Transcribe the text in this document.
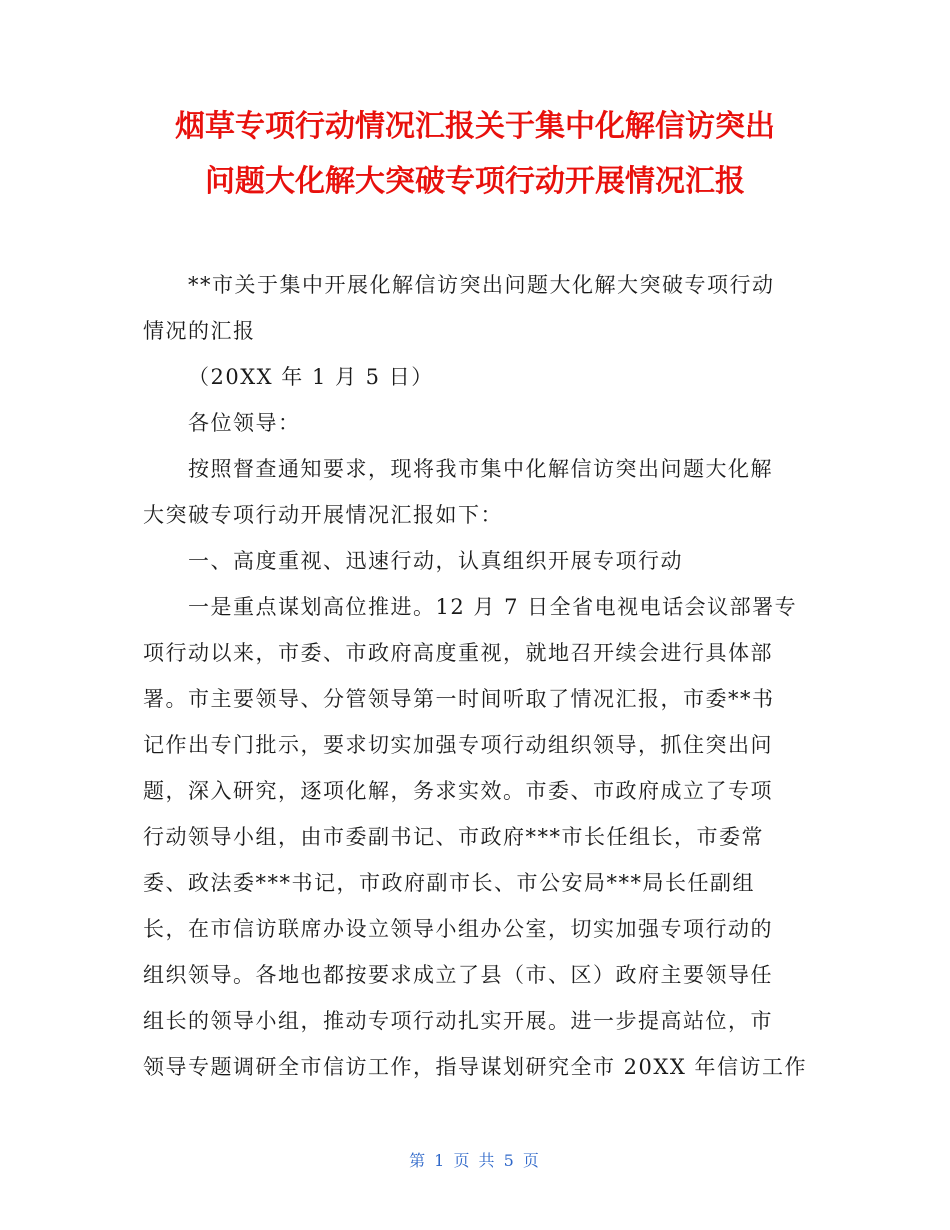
烟草专项行动情况汇报关于集中化解信访突出
问题大化解大突破专项行动开展情况汇报
**市关于集中开展化解信访突出问题大化解大突破专项行动
情况的汇报
（20XX 年 1 月 5 日）
各位领导：
按照督查通知要求，现将我市集中化解信访突出问题大化解
大突破专项行动开展情况汇报如下：
一、高度重视、迅速行动，认真组织开展专项行动
一是重点谋划高位推进。12 月 7 日全省电视电话会议部署专
项行动以来，市委、市政府高度重视，就地召开续会进行具体部
署。市主要领导、分管领导第一时间听取了情况汇报，市委**书
记作出专门批示，要求切实加强专项行动组织领导，抓住突出问
题，深入研究，逐项化解，务求实效。市委、市政府成立了专项
行动领导小组，由市委副书记、市政府***市长任组长，市委常
委、政法委***书记，市政府副市长、市公安局***局长任副组
长，在市信访联席办设立领导小组办公室，切实加强专项行动的
组织领导。各地也都按要求成立了县（市、区）政府主要领导任
组长的领导小组，推动专项行动扎实开展。进一步提高站位，市
领导专题调研全市信访工作，指导谋划研究全市 20XX 年信访工作
第 1 页 共 5 页
